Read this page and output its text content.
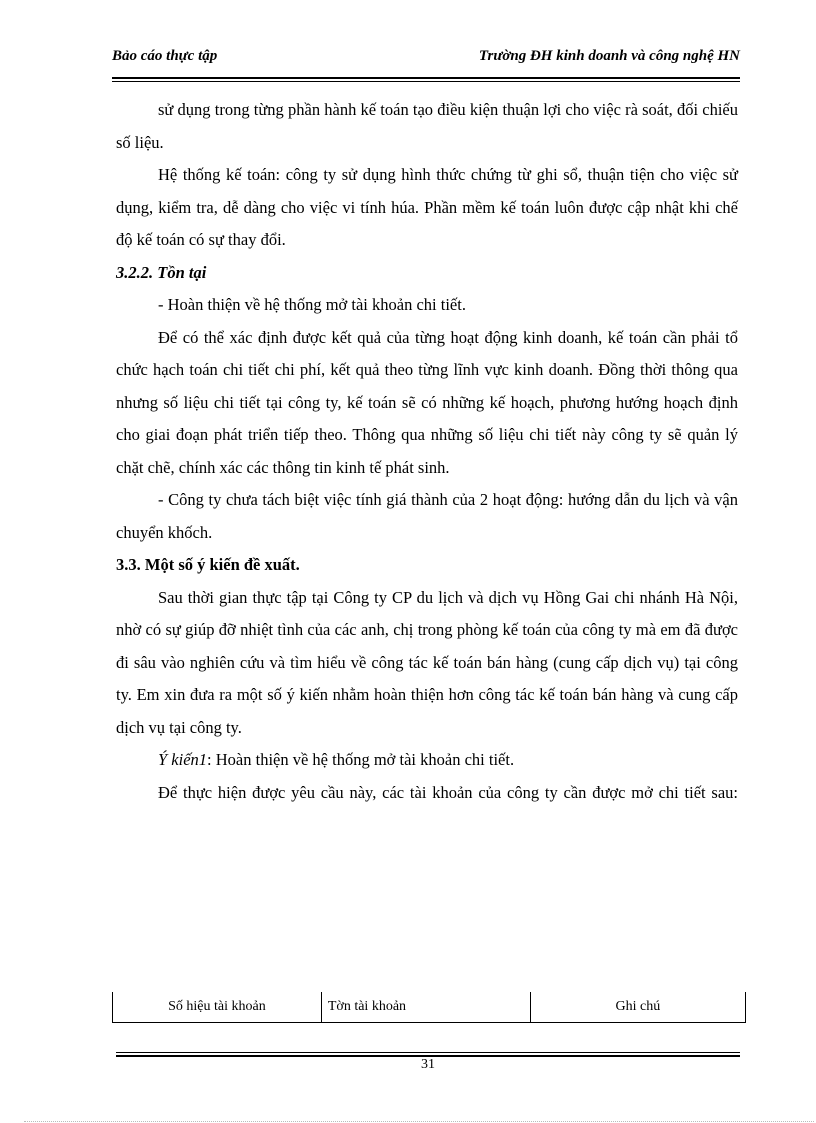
Bảo cáo thực tập	Trường ĐH kinh doanh và công nghệ HN

sử dụng trong từng phần hành kế toán tạo điều kiện thuận lợi cho việc rà soát, đối chiếu số liệu.

Hệ thống kế toán: công ty sử dụng hình thức chứng từ ghi sổ, thuận tiện cho việc sử dụng, kiểm tra, dễ dàng cho việc vi tính húa. Phần mềm kế toán luôn được cập nhật khi chế độ kế toán có sự thay đổi.

3.2.2. Tồn tại

- Hoàn thiện về hệ thống mở tài khoản chi tiết.

Để có thể xác định được kết quả của từng hoạt động kinh doanh, kế toán cần phải tổ chức hạch toán chi tiết chi phí, kết quả theo từng lĩnh vực kinh doanh. Đồng thời thông qua nhưng số liệu chi tiết tại công ty, kế toán sẽ có những kế hoạch, phương hướng hoạch định cho giai đoạn phát triển tiếp theo. Thông qua những số liệu chi tiết này công ty sẽ quản lý chặt chẽ, chính xác các thông tin kinh tế phát sinh.

- Công ty chưa tách biệt việc tính giá thành của 2 hoạt động: hướng dẫn du lịch và vận chuyển khốch.

3.3. Một số ý kiến đề xuất.

Sau thời gian thực tập tại Công ty CP du lịch và dịch vụ Hồng Gai chi nhánh Hà Nội, nhờ có sự giúp đỡ nhiệt tình của các anh, chị trong phòng kế toán của công ty mà em đã được đi sâu vào nghiên cứu và tìm hiểu về công tác kế toán bán hàng (cung cấp dịch vụ) tại công ty. Em xin đưa ra một số ý kiến nhằm hoàn thiện hơn công tác kế toán bán hàng và cung cấp dịch vụ tại công ty.

Ý kiến1: Hoàn thiện về hệ thống mở tài khoản chi tiết.

Để thực hiện được yêu cầu này, các tài khoản của công ty cần được mở chi tiết sau:

Số hiệu tài khoản	Tờn tài khoản	Ghi chú
31
